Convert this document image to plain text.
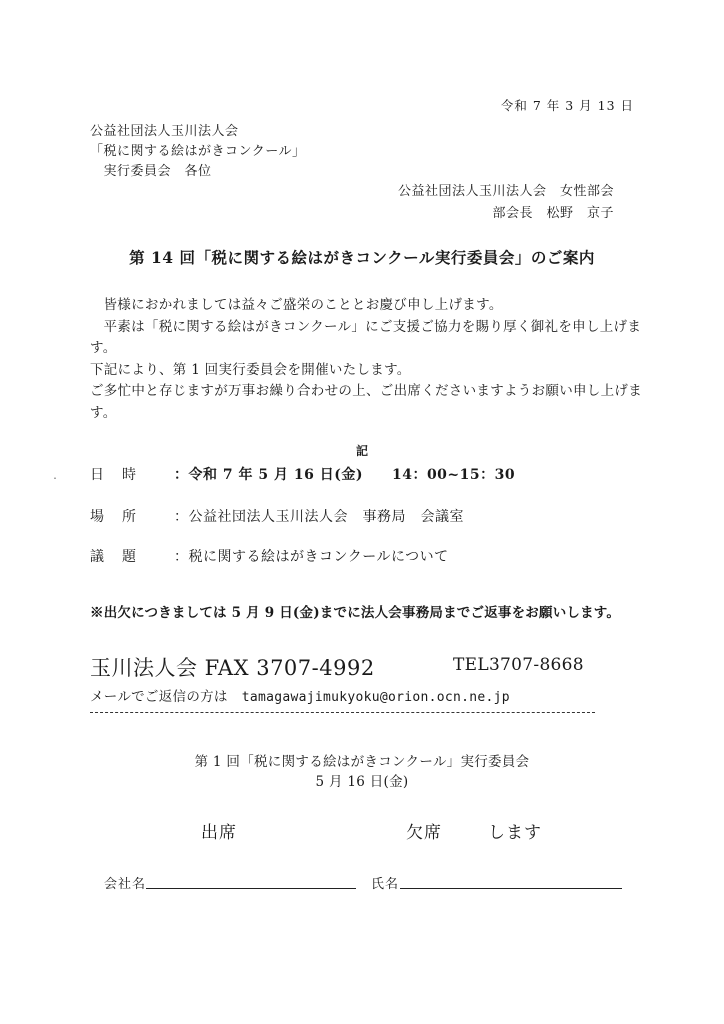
令和 7 年 3 月 13 日
公益社団法人玉川法人会
「税に関する絵はがきコンクール」
　実行委員会　各位
公益社団法人玉川法人会　女性部会
部会長　松野　京子
第 14 回「税に関する絵はがきコンクール実行委員会」のご案内

皆様におかれましては益々ご盛栄のこととお慶び申し上げます。

平素は「税に関する絵はがきコンクール」にご支援ご協力を賜り厚く御礼を申し上げます。

下記により、第 1 回実行委員会を開催いたします。

ご多忙中と存じますが万事お繰り合わせの上、ご出席くださいますようお願い申し上げます。

記
・ 日時 ：令和 7 年 5 月 16 日(金)　　14：00~15：30
場所 ：公益社団法人玉川法人会　事務局　会議室
議題 ：税に関する絵はがきコンクールについて
※出欠につきましては 5 月 9 日(金)までに法人会事務局までご返事をお願いします。
玉川法人会 FAX 3707-4992	TEL3707-8668
メールでご返信の方は tamagawajimukyoku@orion.ocn.ne.jp
第 1 回「税に関する絵はがきコンクール」実行委員会
5 月 16 日(金)
出席	欠席	します
会社名	氏名
